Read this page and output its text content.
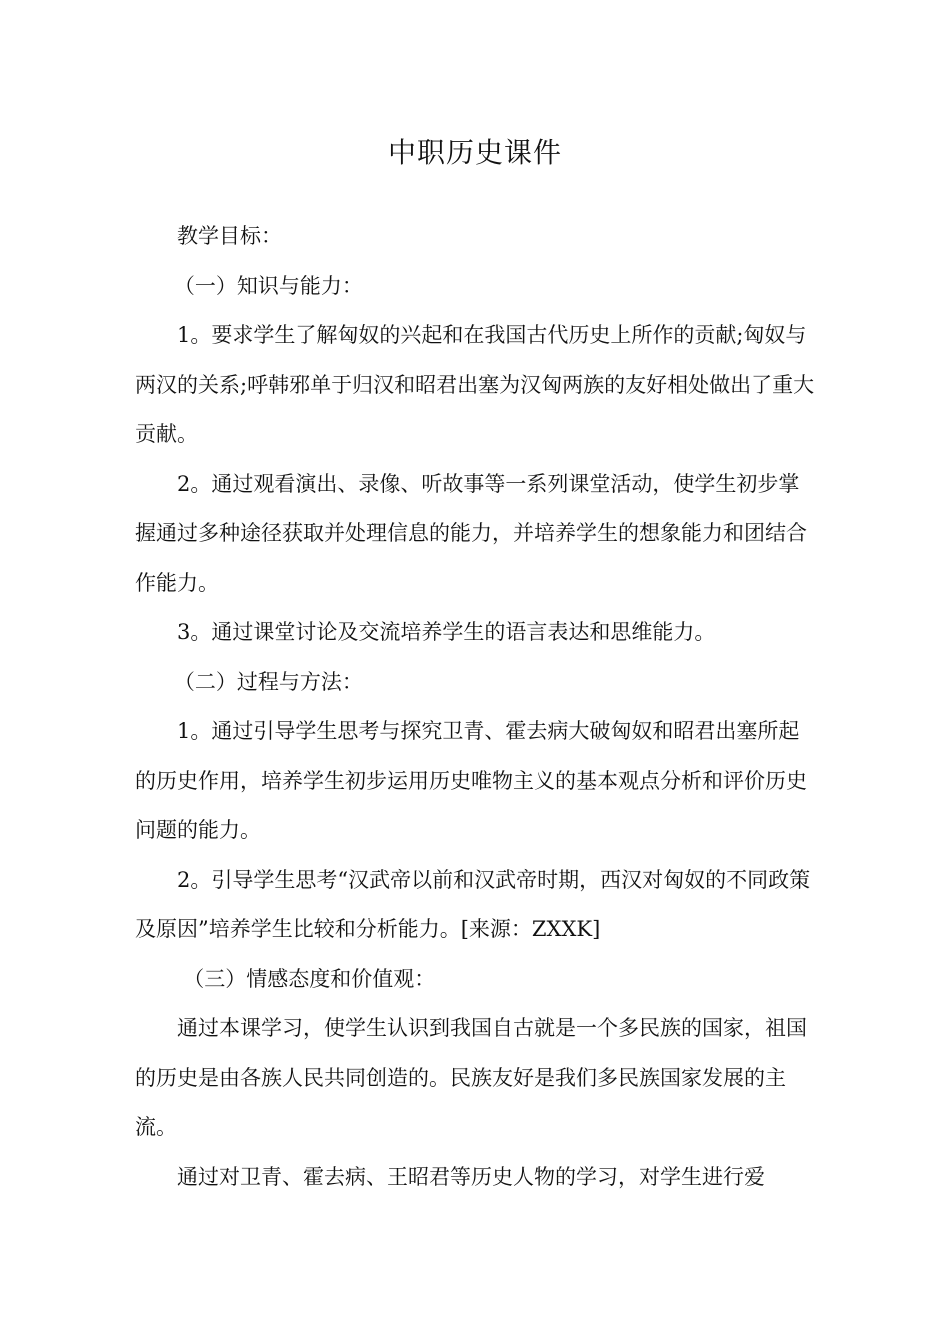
中职历史课件

教学目标：

（一）知识与能力：

1。要求学生了解匈奴的兴起和在我国古代历史上所作的贡献;匈奴与两汉的关系;呼韩邪单于归汉和昭君出塞为汉匈两族的友好相处做出了重大贡献。

2。通过观看演出、录像、听故事等一系列课堂活动，使学生初步掌握通过多种途径获取并处理信息的能力，并培养学生的想象能力和团结合作能力。

3。通过课堂讨论及交流培养学生的语言表达和思维能力。

（二）过程与方法：

1。通过引导学生思考与探究卫青、霍去病大破匈奴和昭君出塞所起的历史作用，培养学生初步运用历史唯物主义的基本观点分析和评价历史问题的能力。

2。引导学生思考“汉武帝以前和汉武帝时期，西汉对匈奴的不同政策及原因”培养学生比较和分析能力。[来源：ZXXK]

（三）情感态度和价值观：

通过本课学习，使学生认识到我国自古就是一个多民族的国家，祖国的历史是由各族人民共同创造的。民族友好是我们多民族国家发展的主流。

通过对卫青、霍去病、王昭君等历史人物的学习，对学生进行爱
